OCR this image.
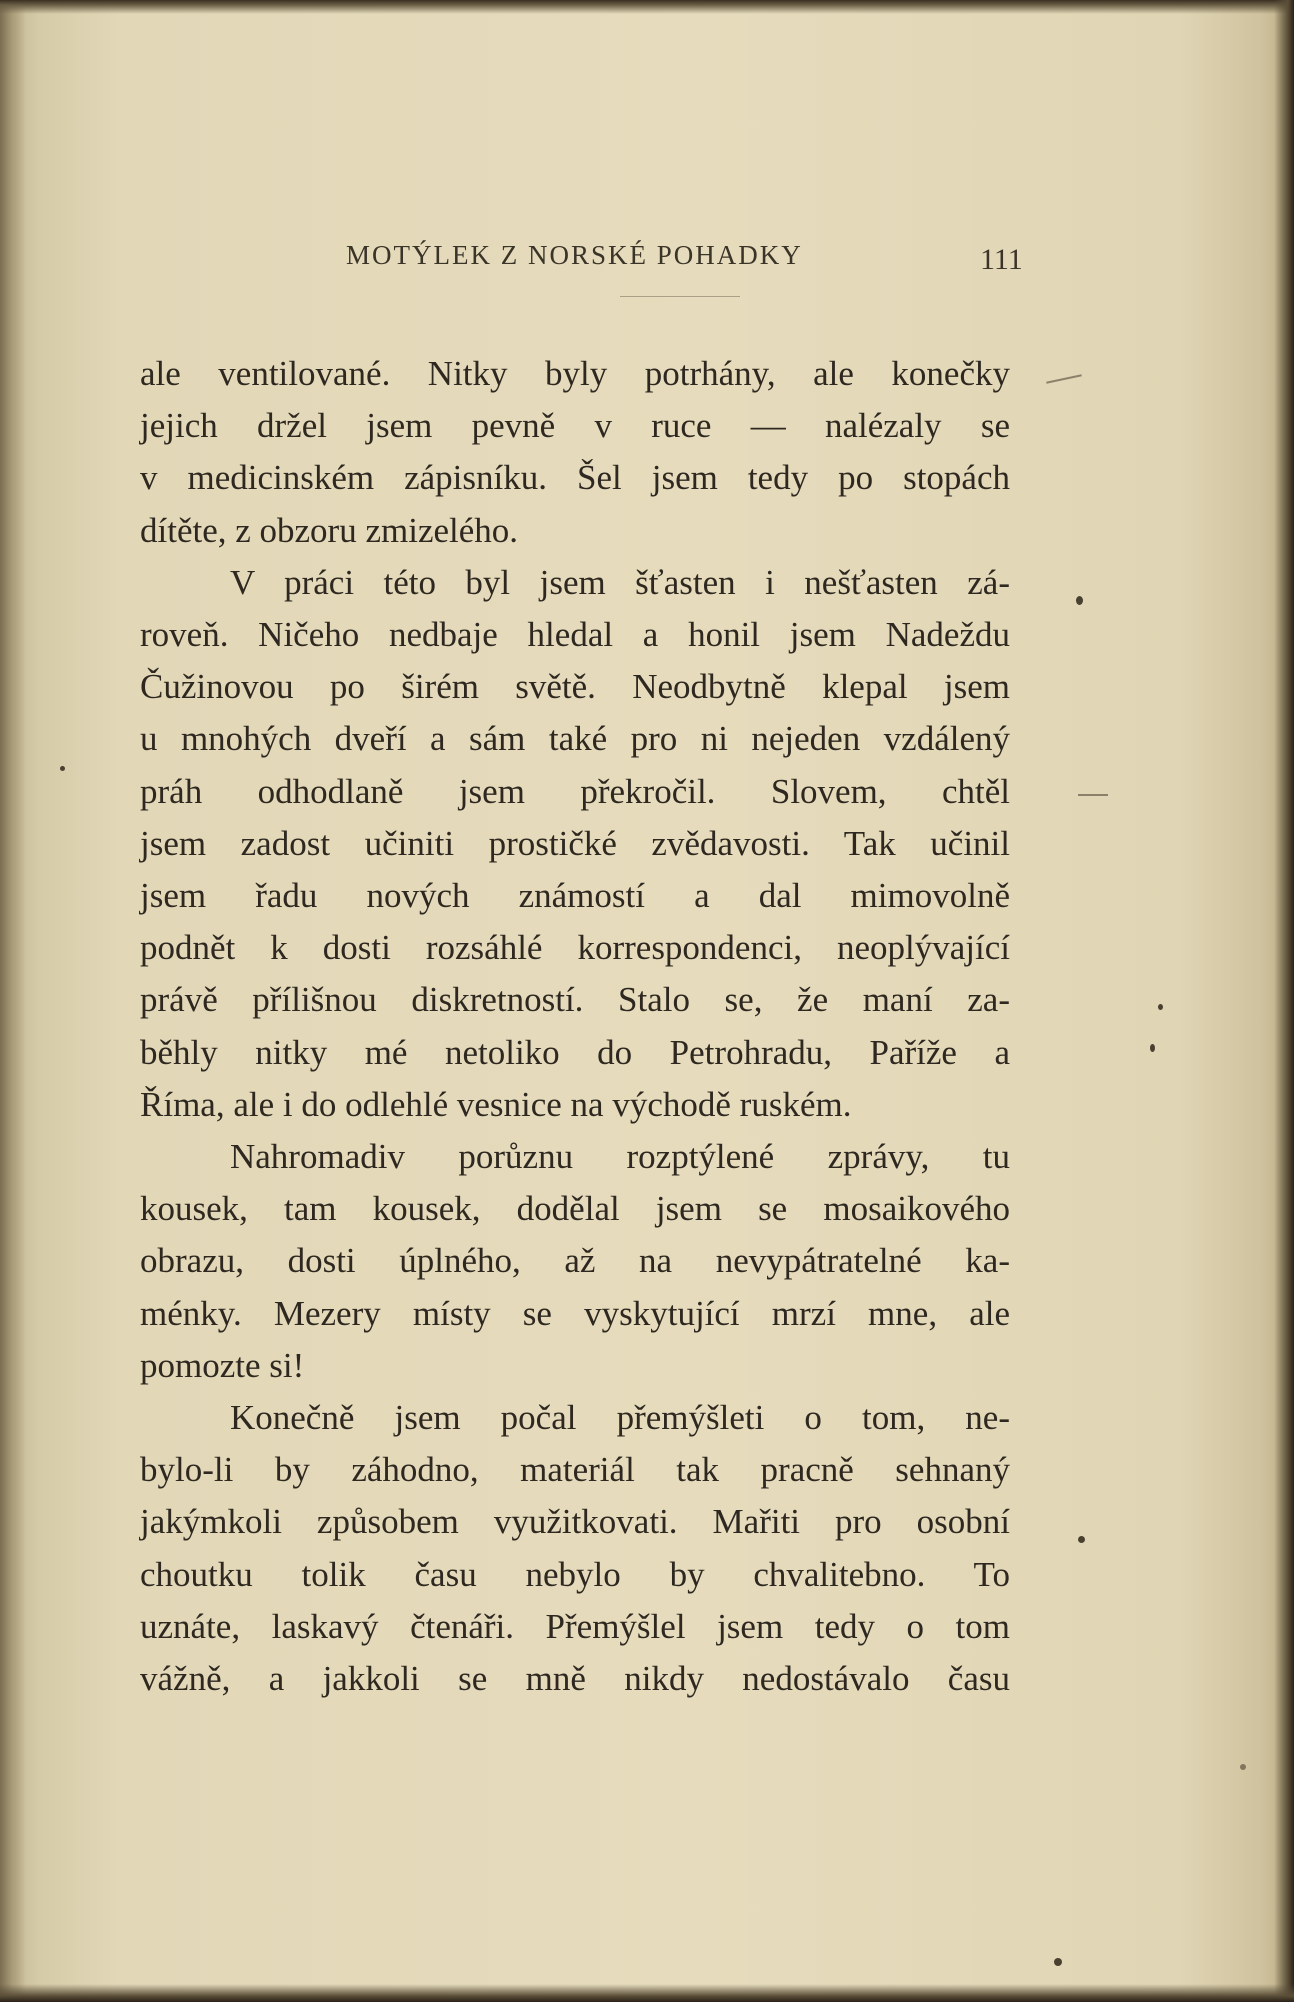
MOTÝLEK Z NORSKÉ POHADKY	111
ale ventilované. Nitky byly potrhány, ale konečky
jejich držel jsem pevně v ruce — nalézaly se
v medicinském zápisníku. Šel jsem tedy po stopách
dítěte, z obzoru zmizelého.
V práci této byl jsem šťasten i nešťasten zá-
roveň. Ničeho nedbaje hledal a honil jsem Nadeždu
Čužinovou po širém světě. Neodbytně klepal jsem
u mnohých dveří a sám také pro ni nejeden vzdálený
práh odhodlaně jsem překročil. Slovem, chtěl
jsem zadost učiniti prostičké zvědavosti. Tak učinil
jsem řadu nových známostí a dal mimovolně
podnět k dosti rozsáhlé korrespondenci, neoplývající
právě přílišnou diskretností. Stalo se, že maní za-
běhly nitky mé netoliko do Petrohradu, Paříže a
Říma, ale i do odlehlé vesnice na východě ruském.
Nahromadiv porůznu rozptýlené zprávy, tu
kousek, tam kousek, dodělal jsem se mosaikového
obrazu, dosti úplného, až na nevypátratelné ka-
ménky. Mezery místy se vyskytující mrzí mne, ale
pomozte si!
Konečně jsem počal přemýšleti o tom, ne-
bylo-li by záhodno, materiál tak pracně sehnaný
jakýmkoli způsobem využitkovati. Mařiti pro osobní
choutku tolik času nebylo by chvalitebno. To
uznáte, laskavý čtenáři. Přemýšlel jsem tedy o tom
vážně, a jakkoli se mně nikdy nedostávalo času
